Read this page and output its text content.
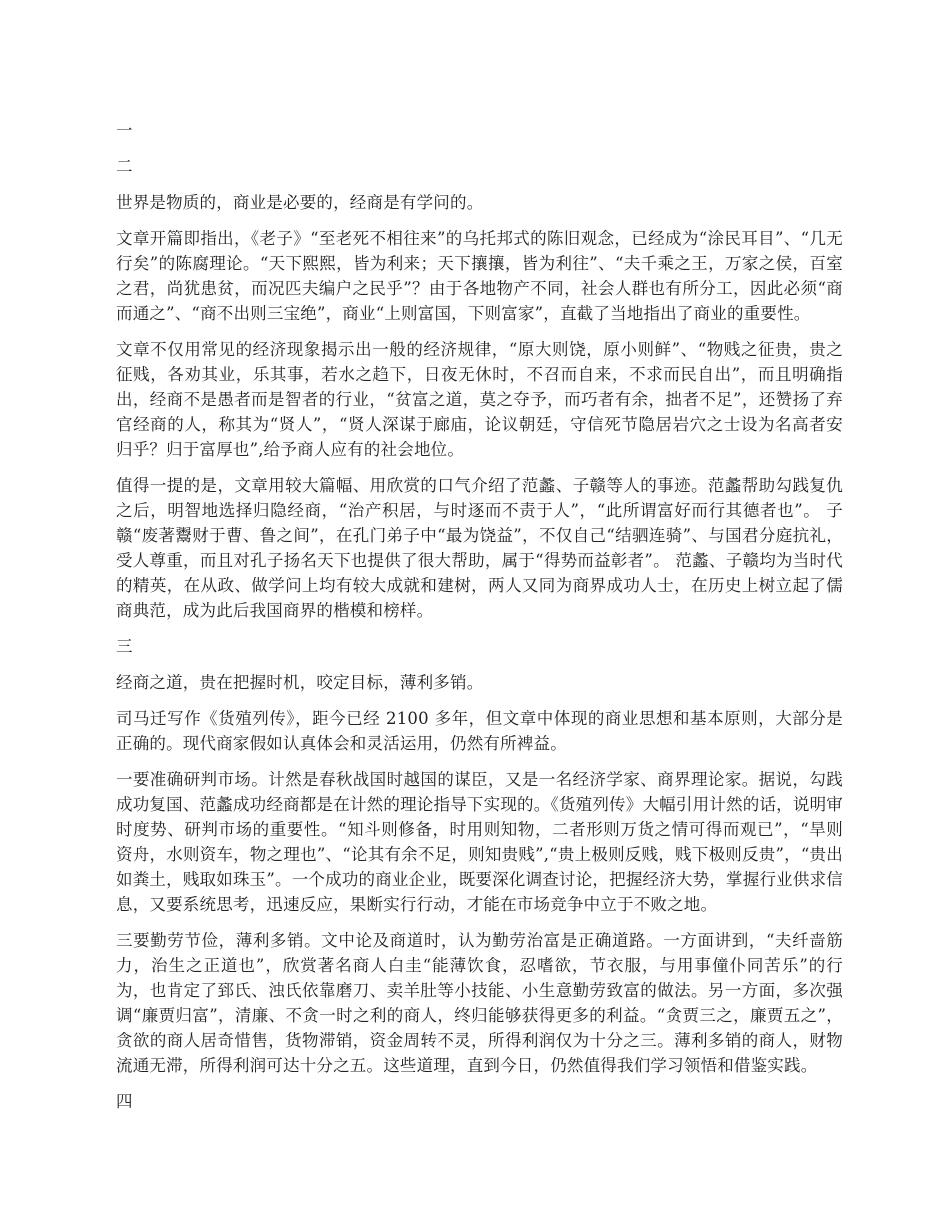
一

二

世界是物质的，商业是必要的，经商是有学问的。

文章开篇即指出，《老子》“至老死不相往来”的乌托邦式的陈旧观念，已经成为“涂民耳目”、“几无行矣”的陈腐理论。“天下熙熙，皆为利来；天下攘攘，皆为利往”、“夫千乘之王，万家之侯，百室之君，尚犹患贫，而况匹夫编户之民乎”？由于各地物产不同，社会人群也有所分工，因此必须“商而通之”、“商不出则三宝绝”，商业“上则富国，下则富家”，直截了当地指出了商业的重要性。

文章不仅用常见的经济现象揭示出一般的经济规律，“原大则饶，原小则鲜”、“物贱之征贵，贵之征贱，各劝其业，乐其事，若水之趋下，日夜无休时，不召而自来，不求而民自出”，而且明确指出，经商不是愚者而是智者的行业，“贫富之道，莫之夺予，而巧者有余，拙者不足”，还赞扬了弃官经商的人，称其为“贤人”，“贤人深谋于廊庙，论议朝廷，守信死节隐居岩穴之士设为名高者安归乎？归于富厚也”,给予商人应有的社会地位。

值得一提的是，文章用较大篇幅、用欣赏的口气介绍了范蠡、子赣等人的事迹。范蠡帮助勾践复仇之后，明智地选择归隐经商，“治产积居，与时逐而不责于人”，“此所谓富好而行其德者也”。 子赣“废著鬻财于曹、鲁之间”，在孔门弟子中“最为饶益”，不仅自己“结驷连骑”、与国君分庭抗礼，受人尊重，而且对孔子扬名天下也提供了很大帮助，属于“得势而益彰者”。 范蠡、子赣均为当时代的精英，在从政、做学问上均有较大成就和建树，两人又同为商界成功人士，在历史上树立起了儒商典范，成为此后我国商界的楷模和榜样。

三

经商之道，贵在把握时机，咬定目标，薄利多销。

司马迁写作《货殖列传》，距今已经 2100 多年，但文章中体现的商业思想和基本原则，大部分是正确的。现代商家假如认真体会和灵活运用，仍然有所裨益。

一要准确研判市场。计然是春秋战国时越国的谋臣，又是一名经济学家、商界理论家。据说，勾践成功复国、范蠡成功经商都是在计然的理论指导下实现的。《货殖列传》大幅引用计然的话，说明审时度势、研判市场的重要性。“知斗则修备，时用则知物，二者形则万货之情可得而观已”，“旱则资舟，水则资车，物之理也”、“论其有余不足，则知贵贱”,“贵上极则反贱，贱下极则反贵”，“贵出如粪土，贱取如珠玉”。一个成功的商业企业，既要深化调查讨论，把握经济大势，掌握行业供求信息，又要系统思考，迅速反应，果断实行行动，才能在市场竞争中立于不败之地。

三要勤劳节俭，薄利多销。文中论及商道时，认为勤劳治富是正确道路。一方面讲到，“夫纤啬筋力，治生之正道也”，欣赏著名商人白圭“能薄饮食，忍嗜欲，节衣服，与用事僮仆同苦乐”的行为，也肯定了郅氏、浊氏依靠磨刀、卖羊肚等小技能、小生意勤劳致富的做法。另一方面，多次强调“廉贾归富”，清廉、不贪一时之利的商人，终归能够获得更多的利益。“贪贾三之，廉贾五之”，贪欲的商人居奇惜售，货物滞销，资金周转不灵，所得利润仅为十分之三。薄利多销的商人，财物流通无滞，所得利润可达十分之五。这些道理，直到今日，仍然值得我们学习领悟和借鉴实践。

四
